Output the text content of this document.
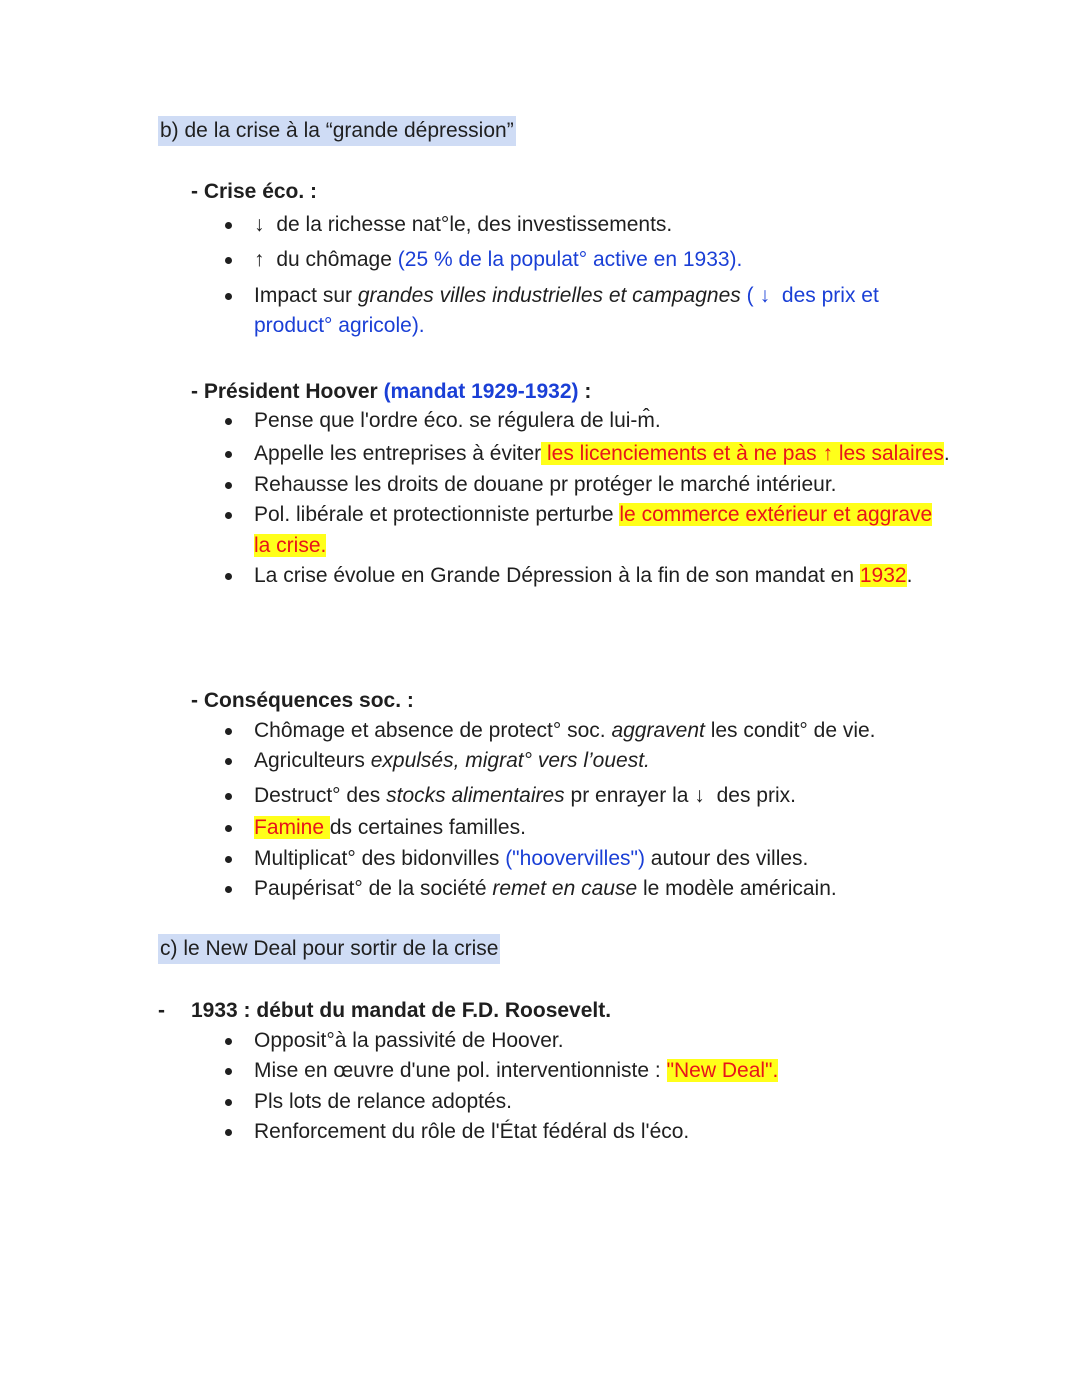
b) de la crise à la “grande dépression”
- Crise éco. :
↓ de la richesse nat°le, des investissements.
↑ du chômage (25 % de la populat° active en 1933).
Impact sur grandes villes industrielles et campagnes ( ↓ des prix et product° agricole).
- Président Hoover (mandat 1929-1932) :
Pense que l'ordre éco. se régulera de lui-m̂.
Appelle les entreprises à éviter les licenciements et à ne pas ↑ les salaires.
Rehausse les droits de douane pr protéger le marché intérieur.
Pol. libérale et protectionniste perturbe le commerce extérieur et aggrave la crise.
La crise évolue en Grande Dépression à la fin de son mandat en 1932.
- Conséquences soc. :
Chômage et absence de protect° soc. aggravent les condit° de vie.
Agriculteurs expulsés, migrat° vers l’ouest.
Destruct° des stocks alimentaires pr enrayer la ↓ des prix.
Famine ds certaines familles.
Multiplicat° des bidonvilles ("hoovervilles") autour des villes.
Paupérisat° de la société remet en cause le modèle américain.
c) le New Deal pour sortir de la crise
- 1933 : début du mandat de F.D. Roosevelt.
Opposit°à la passivité de Hoover.
Mise en œuvre d'une pol. interventionniste : "New Deal".
Pls lots de relance adoptés.
Renforcement du rôle de l'État fédéral ds l'éco.
